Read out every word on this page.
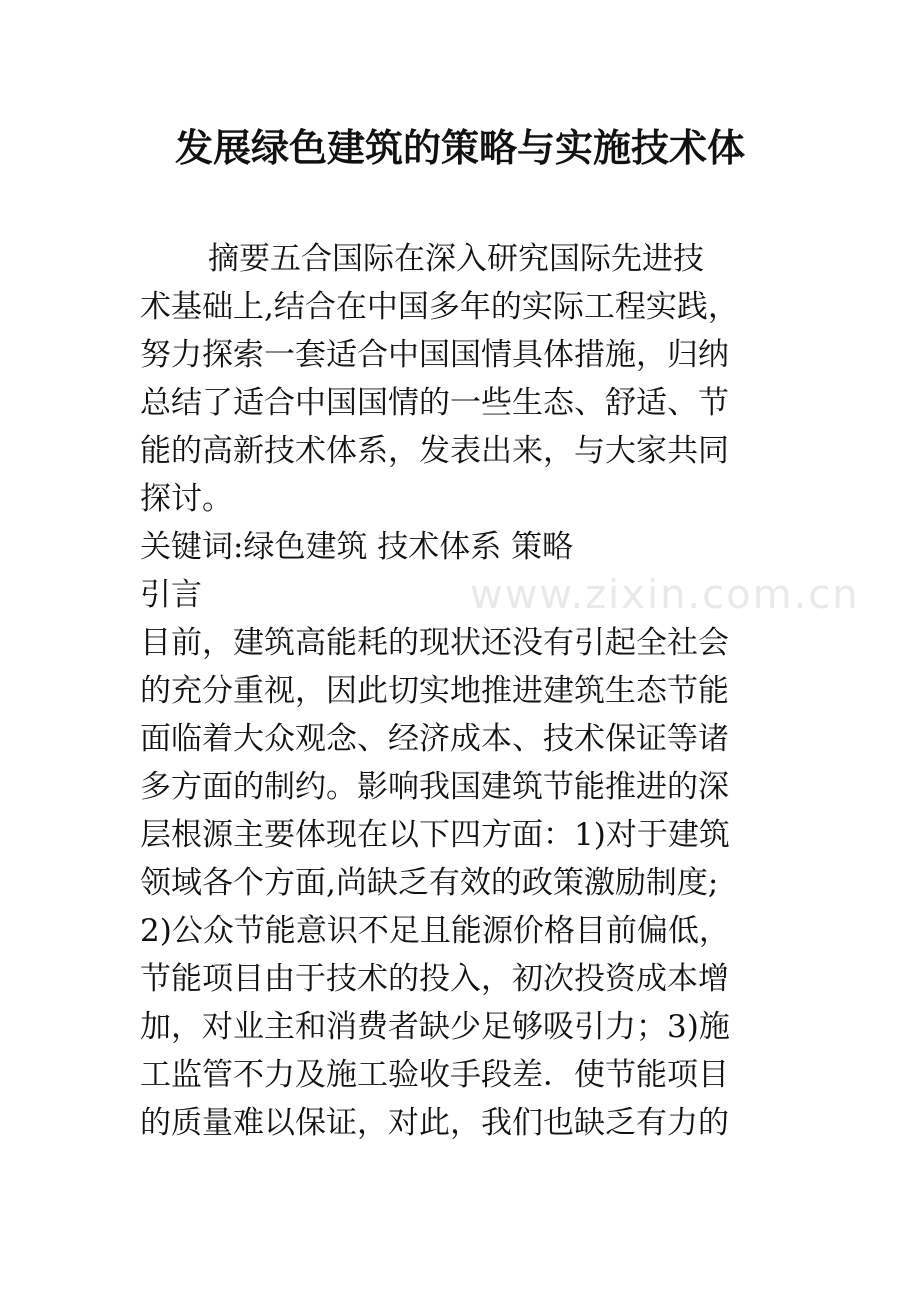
www.zixin.com.cn
发展绿色建筑的策略与实施技术体

摘要五合国际在深入研究国际先进技

术基础上,结合在中国多年的实际工程实践，

努力探索一套适合中国国情具体措施，归纳

总结了适合中国国情的一些生态、舒适、节

能的高新技术体系，发表出来，与大家共同

探讨。

关键词:绿色建筑 技术体系 策略

引言

目前，建筑高能耗的现状还没有引起全社会

的充分重视，因此切实地推进建筑生态节能

面临着大众观念、经济成本、技术保证等诸

多方面的制约。影响我国建筑节能推进的深

层根源主要体现在以下四方面：1)对于建筑

领域各个方面,尚缺乏有效的政策激励制度;

2)公众节能意识不足且能源价格目前偏低，

节能项目由于技术的投入，初次投资成本增

加，对业主和消费者缺少足够吸引力；3)施

工监管不力及施工验收手段差．使节能项目

的质量难以保证，对此，我们也缺乏有力的
